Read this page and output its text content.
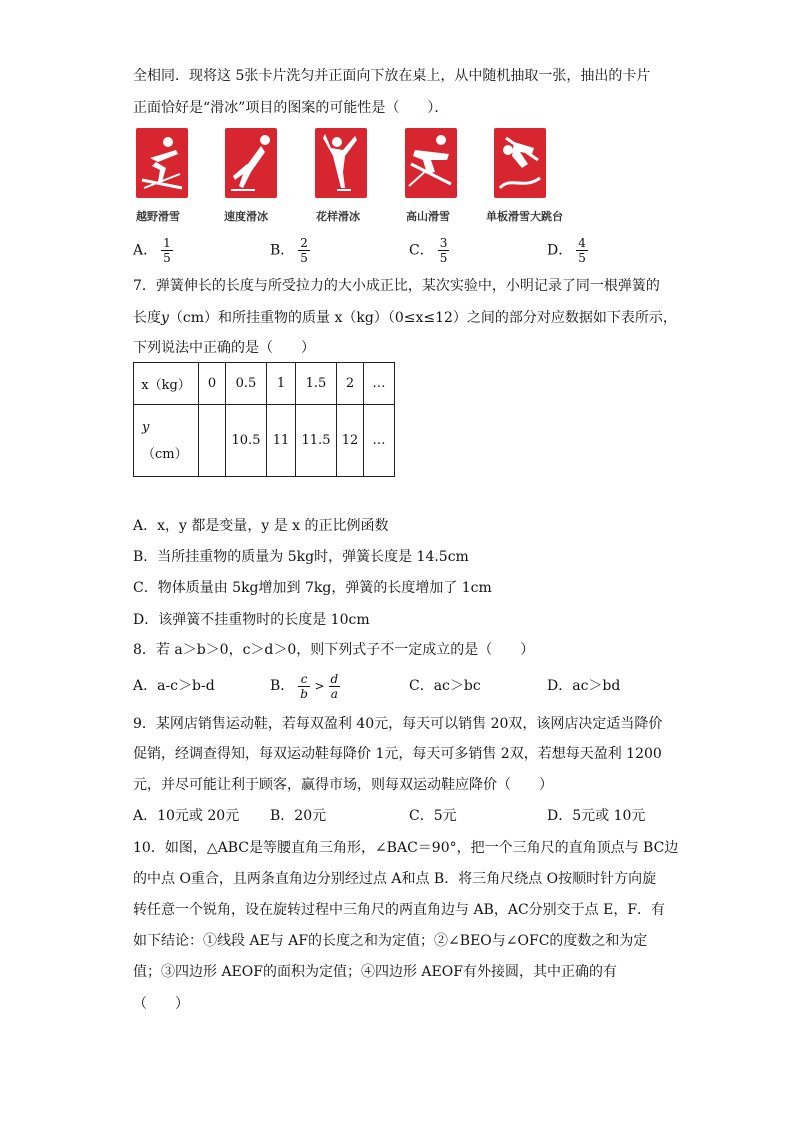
全相同．现将这 5张卡片洗匀并正面向下放在桌上，从中随机抽取一张，抽出的卡片
正面恰好是“滑冰”项目的图案的可能性是（　　）．
越野滑雪	速度滑冰	花样滑冰	高山滑雪	单板滑雪大跳台
A． $\frac{1}{5}$	B． $\frac{2}{5}$	C． $\frac{3}{5}$	D． $\frac{4}{5}$
7．弹簧伸长的长度与所受拉力的大小成正比，某次实验中，小明记录了同一根弹簧的
长度y（cm）和所挂重物的质量 x（kg）（0≤x≤12）之间的部分对应数据如下表所示，
下列说法中正确的是（　　）
x（kg）	0	0.5	1	1.5	2	…

y
（cm）		10.5	11	11.5	12	…
A．x，y 都是变量，y 是 x 的正比例函数
B．当所挂重物的质量为 5kg时，弹簧长度是 14.5cm
C．物体质量由 5kg增加到 7kg，弹簧的长度增加了 1cm
D．该弹簧不挂重物时的长度是 10cm
8．若 a＞b＞0，c＞d＞0，则下列式子不一定成立的是（　　）
A．a-c＞b-d	B． $\frac{c}{b} > \frac{d}{a}$	C．ac＞bc	D．ac＞bd
9．某网店销售运动鞋，若每双盈利 40元，每天可以销售 20双，该网店决定适当降价
促销，经调查得知，每双运动鞋每降价 1元，每天可多销售 2双，若想每天盈利 1200
元，并尽可能让利于顾客，赢得市场，则每双运动鞋应降价（　　）
A．10元或 20元 B．20元	C．5元	D．5元或 10元
10．如图，△ABC是等腰直角三角形，∠BAC＝90°，把一个三角尺的直角顶点与 BC边
的中点 O重合，且两条直角边分别经过点 A和点 B．将三角尺绕点 O按顺时针方向旋
转任意一个锐角，设在旋转过程中三角尺的两直角边与 AB，AC分别交于点 E，F．有
如下结论：①线段 AE与 AF的长度之和为定值；②∠BEO与∠OFC的度数之和为定
值；③四边形 AEOF的面积为定值；④四边形 AEOF有外接圆，其中正确的有
（　　）
